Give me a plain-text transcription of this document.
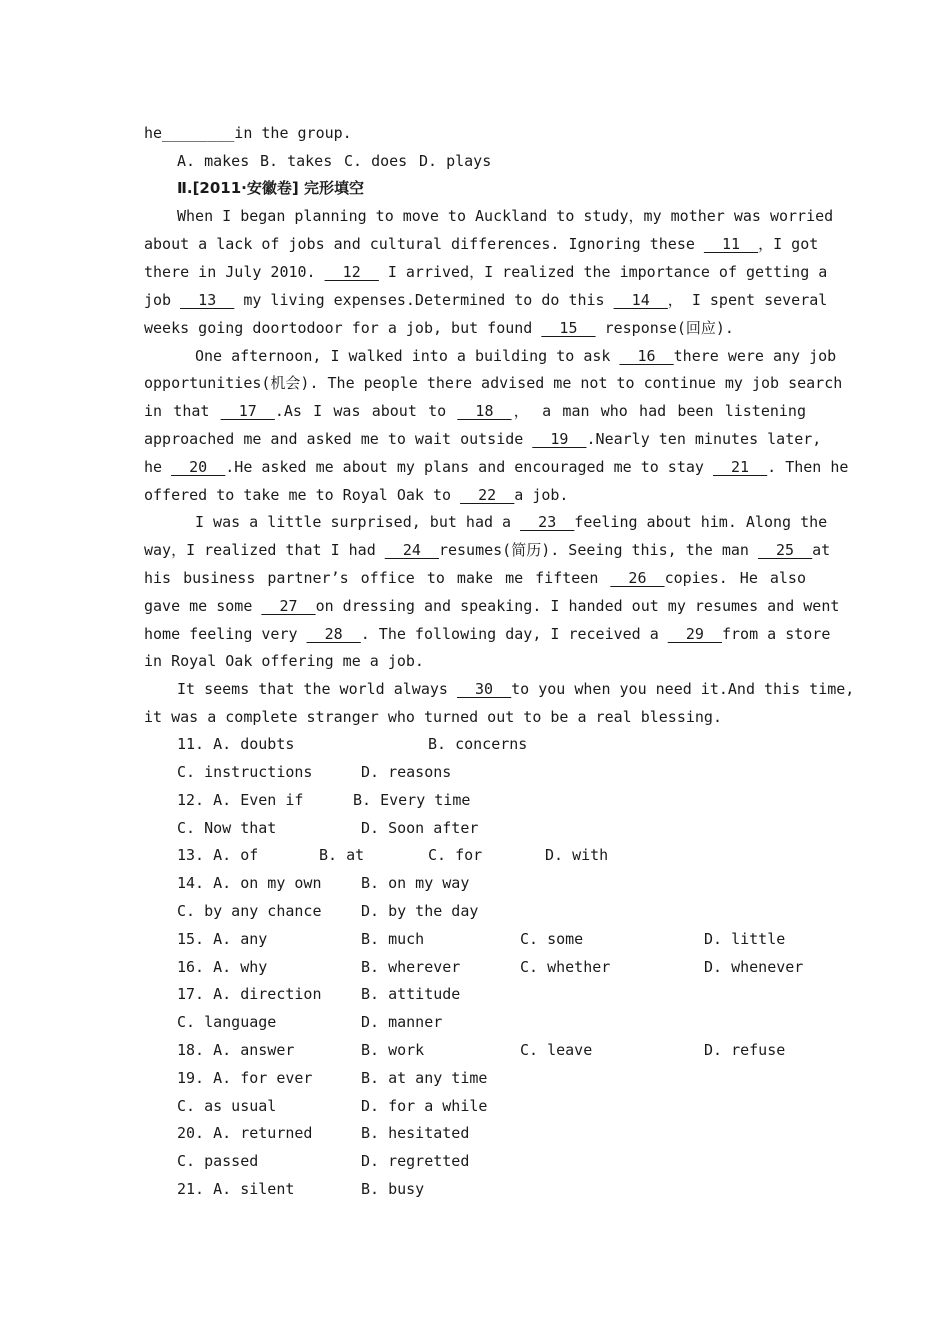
he________in the group.
A. makes B. takes C. does D. plays
Ⅱ.[2011·安徽卷] 完形填空
When I began planning to move to Auckland to study，my mother was worried
about a lack of jobs and cultural differences. Ignoring these __11__，I got
there in July 2010. __12__ I arrived，I realized the importance of getting a
job __13__ my living expenses.Determined to do this __14__， I spent several
weeks going doortodoor for a job, but found __15__ response(回应).
One afternoon, I walked into a building to ask __16__there were any job
opportunities(机会). The people there advised me not to continue my job search
in that __17__.As I was about to __18__， a man who had been listening
approached me and asked me to wait outside __19__.Nearly ten minutes later,
he __20__.He asked me about my plans and encouraged me to stay __21__. Then he
offered to take me to Royal Oak to __22__a job.
I was a little surprised, but had a __23__feeling about him. Along the
way，I realized that I had __24__resumes(简历). Seeing this, the man __25__at
his business partner’s office to make me fifteen __26__copies. He also
gave me some __27__on dressing and speaking. I handed out my resumes and went
home feeling very __28__. The following day, I received a __29__from a store
in Royal Oak offering me a job.
It seems that the world always __30__to you when you need it.And this time,
it was a complete stranger who turned out to be a real blessing.
11. A. doubts	B. concerns
C. instructions	D. reasons
12. A. Even if	B. Every time
C. Now that	D. Soon after
13. A. of	B. at	C. for	D. with
14. A. on my own	B. on my way
C. by any chance	D. by the day
15. A. any	B. much	C. some	D. little
16. A. why	B. wherever	C. whether	D. whenever
17. A. direction	B. attitude
C. language	D. manner
18. A. answer	B. work	C. leave	D. refuse
19. A. for ever	B. at any time
C. as usual	D. for a while
20. A. returned	B. hesitated
C. passed	D. regretted
21. A. silent	B. busy
